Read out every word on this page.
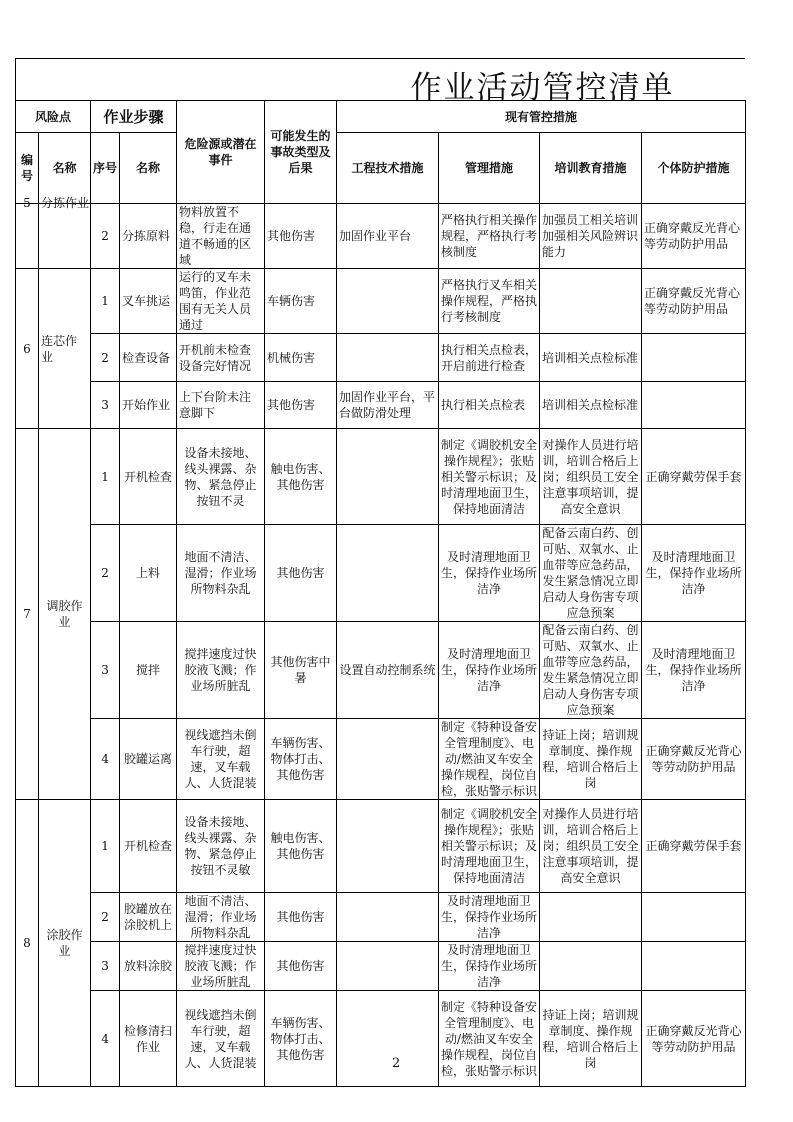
作业活动管控清单
风险点		作业步骤		危险源或潜在事件	可能发生的事故类型及后果	现有管控措施			
编号	名称	序号	名称			工程技术措施	管理措施	培训教育措施	个体防护措施

5	分拣作业	2	分拣原料	物料放置不稳，行走在通道不畅通的区域	其他伤害	加固作业平台	严格执行相关操作规程，严格执行考核制度	加强员工相关培训加强相关风险辨识能力	正确穿戴反光背心等劳动防护用品
6	连芯作业	1	叉车挑运	运行的叉车未鸣笛，作业范围有无关人员通过	车辆伤害		严格执行叉车相关操作规程，严格执行考核制度		正确穿戴反光背心等劳动防护用品
		2	检查设备	开机前未检查设备完好情况	机械伤害		执行相关点检表，开启前进行检查	培训相关点检标准	
		3	开始作业	上下台阶未注意脚下	其他伤害	加固作业平台，平台做防滑处理	执行相关点检表	培训相关点检标准	
7	调胶作业	1	开机检查	设备未接地、线头裸露、杂物、紧急停止按钮不灵	触电伤害、其他伤害		制定《调胶机安全操作规程》；张贴相关警示标识；及时清理地面卫生，保持地面清洁	对操作人员进行培训，培训合格后上岗；组织员工安全注意事项培训，提高安全意识	正确穿戴劳保手套
		2	上料	地面不清洁、湿滑；作业场所物料杂乱	其他伤害		及时清理地面卫生，保持作业场所洁净	配备云南白药、创可贴、双氧水、止血带等应急药品，发生紧急情况立即启动人身伤害专项应急预案	及时清理地面卫生，保持作业场所洁净
		3	搅拌	搅拌速度过快胶液飞溅；作业场所脏乱	其他伤害中暑	设置自动控制系统	及时清理地面卫生，保持作业场所洁净	配备云南白药、创可贴、双氧水、止血带等应急药品，发生紧急情况立即启动人身伤害专项应急预案	及时清理地面卫生，保持作业场所洁净
		4	胶罐运离	视线遮挡未倒车行驶，超速，叉车载人、人货混装	车辆伤害、物体打击、其他伤害		制定《特种设备安全管理制度》、电动/燃油叉车安全操作规程，岗位自检，张贴警示标识	持证上岗；培训规章制度、操作规程，培训合格后上岗	正确穿戴反光背心等劳动防护用品
8	涂胶作业	1	开机检查	设备未接地、线头裸露、杂物、紧急停止按钮不灵敏	触电伤害、其他伤害		制定《调胶机安全操作规程》；张贴相关警示标识；及时清理地面卫生，保持地面清洁	对操作人员进行培训，培训合格后上岗；组织员工安全注意事项培训，提高安全意识	正确穿戴劳保手套
		2	胶罐放在涂胶机上	地面不清洁、湿滑；作业场所物料杂乱	其他伤害		及时清理地面卫生，保持作业场所洁净		
		3	放料涂胶	搅拌速度过快胶液飞溅；作业场所脏乱	其他伤害		及时清理地面卫生，保持作业场所洁净		
		4	检修清扫作业	视线遮挡未倒车行驶，超速，叉车载人、人货混装	车辆伤害、物体打击、其他伤害		制定《特种设备安全管理制度》、电动/燃油叉车安全操作规程，岗位自检，张贴警示标识	持证上岗；培训规章制度、操作规程，培训合格后上岗	正确穿戴反光背心等劳动防护用品
2
